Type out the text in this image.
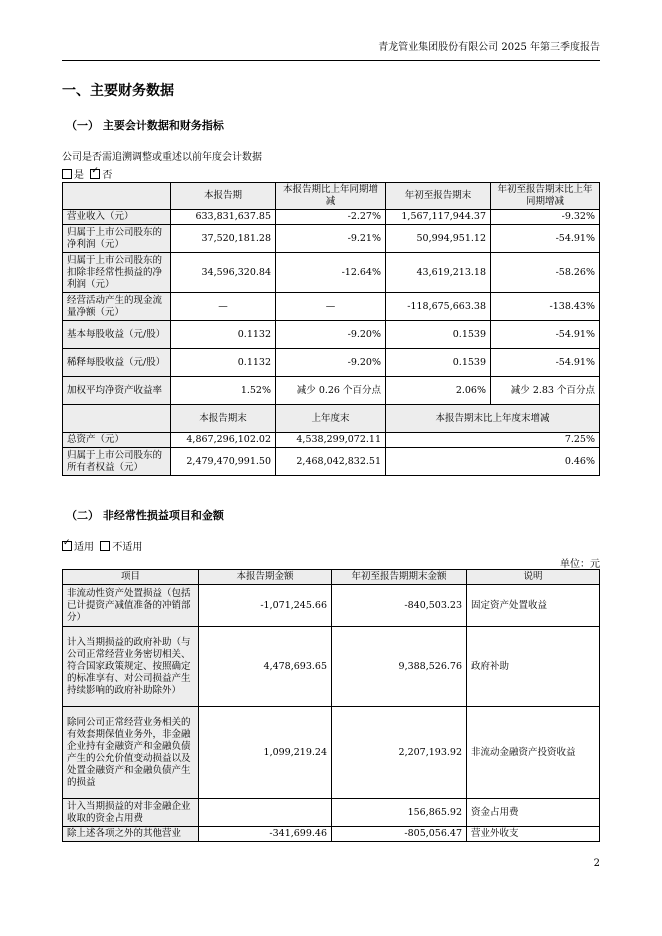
青龙管业集团股份有限公司 2025 年第三季度报告
一、主要财务数据
（一） 主要会计数据和财务指标
公司是否需追溯调整或重述以前年度会计数据
是 ✓ 否
	本报告期	本报告期比上年同期增减	年初至报告期末	年初至报告期末比上年同期增减
营业收入（元）	633,831,637.85	-2.27%	1,567,117,944.37	-9.32%
归属于上市公司股东的净利润（元）	37,520,181.28	-9.21%	50,994,951.12	-54.91%
归属于上市公司股东的扣除非经常性损益的净利润（元）	34,596,320.84	-12.64%	43,619,213.18	-58.26%
经营活动产生的现金流量净额（元）	—	—	-118,675,663.38	-138.43%
基本每股收益（元/股）	0.1132	-9.20%	0.1539	-54.91%
稀释每股收益（元/股）	0.1132	-9.20%	0.1539	-54.91%
加权平均净资产收益率	1.52%	减少 0.26 个百分点	2.06%	减少 2.83 个百分点
	本报告期末	上年度末	本报告期末比上年度末增减	
总资产（元）	4,867,296,102.02	4,538,299,072.11	7.25%	
归属于上市公司股东的所有者权益（元）	2,479,470,991.50	2,468,042,832.51	0.46%	
（二） 非经常性损益项目和金额
✓适用 不适用
单位：元
项目	本报告期金额	年初至报告期期末金额	说明
非流动性资产处置损益（包括已计提资产减值准备的冲销部分）	-1,071,245.66	-840,503.23	固定资产处置收益
计入当期损益的政府补助（与公司正常经营业务密切相关、符合国家政策规定、按照确定的标准享有、对公司损益产生持续影响的政府补助除外）	4,478,693.65	9,388,526.76	政府补助
除同公司正常经营业务相关的有效套期保值业务外，非金融企业持有金融资产和金融负债产生的公允价值变动损益以及处置金融资产和金融负债产生的损益	1,099,219.24	2,207,193.92	非流动金融资产投资收益
计入当期损益的对非金融企业收取的资金占用费		156,865.92	资金占用费
除上述各项之外的其他营业	-341,699.46	-805,056.47	营业外收支
2
